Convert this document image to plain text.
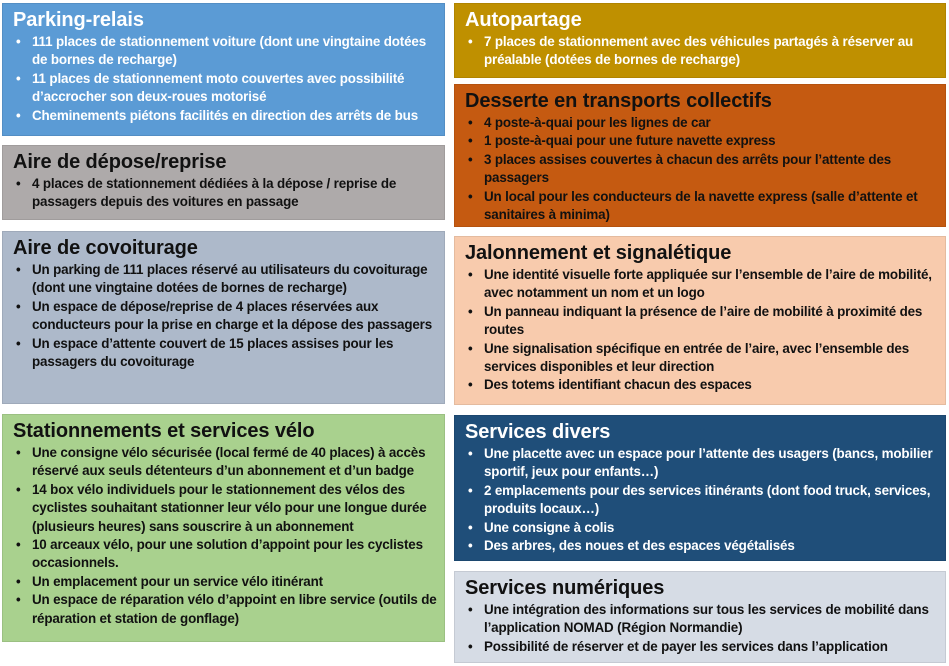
Parking-relais
• 111 places de stationnement voiture (dont une vingtaine dotées de bornes de recharge)
• 11 places de stationnement moto couvertes avec possibilité d’accrocher son deux-roues motorisé
• Cheminements piétons facilités en direction des arrêts de bus
Aire de dépose/reprise
• 4 places de stationnement dédiées à la dépose / reprise de passagers depuis des voitures en passage
Aire de covoiturage
• Un parking de 111 places réservé au utilisateurs du covoiturage (dont une vingtaine dotées de bornes de recharge)
• Un espace de dépose/reprise de 4 places réservées aux conducteurs pour la prise en charge et la dépose des passagers
• Un espace d’attente couvert de 15 places assises pour les passagers du covoiturage
Stationnements et services vélo
• Une consigne vélo sécurisée (local fermé de 40 places) à accès réservé aux seuls détenteurs d’un abonnement et d’un badge
• 14 box vélo individuels pour le stationnement des vélos des cyclistes souhaitant stationner leur vélo pour une longue durée (plusieurs heures) sans souscrire à un abonnement
• 10 arceaux vélo, pour une solution d’appoint pour les cyclistes occasionnels.
• Un emplacement pour un service vélo itinérant
• Un espace de réparation vélo d’appoint en libre service (outils de réparation et station de gonflage)
Autopartage
• 7 places de stationnement avec des véhicules partagés à réserver au préalable (dotées de bornes de recharge)
Desserte en transports collectifs
• 4 poste-à-quai pour les lignes de car
• 1 poste-à-quai pour une future navette express
• 3 places assises couvertes à chacun des arrêts pour l’attente des passagers
• Un local pour les conducteurs de la navette express (salle d’attente et sanitaires à minima)
Jalonnement et signalétique
• Une identité visuelle forte appliquée sur l’ensemble de l’aire de mobilité, avec notamment un nom et un logo
• Un panneau indiquant la présence de l’aire de mobilité à proximité des routes
• Une signalisation spécifique en entrée de l’aire, avec l’ensemble des services disponibles et leur direction
• Des totems identifiant chacun des espaces
Services divers
• Une placette avec un espace pour l’attente des usagers (bancs, mobilier sportif, jeux pour enfants…)
• 2 emplacements pour des services itinérants (dont food truck, services, produits locaux…)
• Une consigne à colis
• Des arbres, des noues et des espaces végétalisés
Services numériques
• Une intégration des informations sur tous les services de mobilité dans l’application NOMAD (Région Normandie)
• Possibilité de réserver et de payer les services dans l’application
